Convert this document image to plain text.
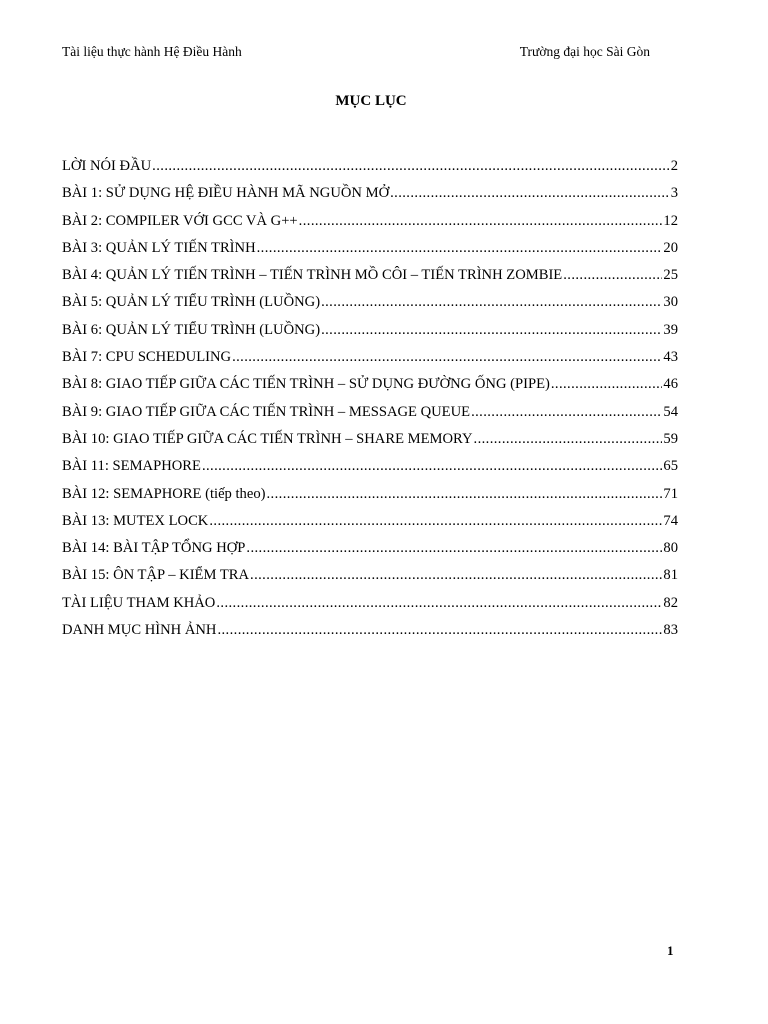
Tài liệu thực hành Hệ Điều Hành	Trường đại học Sài Gòn
MỤC LỤC
LỜI NÓI ĐẦU .....	2
BÀI 1: SỬ DỤNG HỆ ĐIỀU HÀNH MÃ NGUỒN MỞ .....	3
BÀI 2: COMPILER VỚI GCC VÀ G++ .....	12
BÀI 3: QUẢN LÝ TIẾN TRÌNH .....	20
BÀI 4: QUẢN LÝ TIẾN TRÌNH – TIẾN TRÌNH MỒ CÔI – TIẾN TRÌNH ZOMBIE .....	25
BÀI 5: QUẢN LÝ TIỂU TRÌNH (LUỒNG) .....	30
BÀI 6: QUẢN LÝ TIỂU TRÌNH (LUỒNG) .....	39
BÀI 7: CPU SCHEDULING .....	43
BÀI 8: GIAO TIẾP GIỮA CÁC TIẾN TRÌNH – SỬ DỤNG ĐƯỜNG ỐNG (PIPE) .....	46
BÀI 9: GIAO TIẾP GIỮA CÁC TIẾN TRÌNH – MESSAGE QUEUE .....	54
BÀI 10: GIAO TIẾP GIỮA CÁC TIẾN TRÌNH – SHARE MEMORY .....	59
BÀI 11: SEMAPHORE .....	65
BÀI 12: SEMAPHORE (tiếp theo) .....	71
BÀI 13: MUTEX LOCK .....	74
BÀI 14: BÀI TẬP TỔNG HỢP .....	80
BÀI 15: ÔN TẬP – KIỂM TRA .....	81
TÀI LIỆU THAM KHẢO .....	82
DANH MỤC HÌNH ẢNH .....	83
1
